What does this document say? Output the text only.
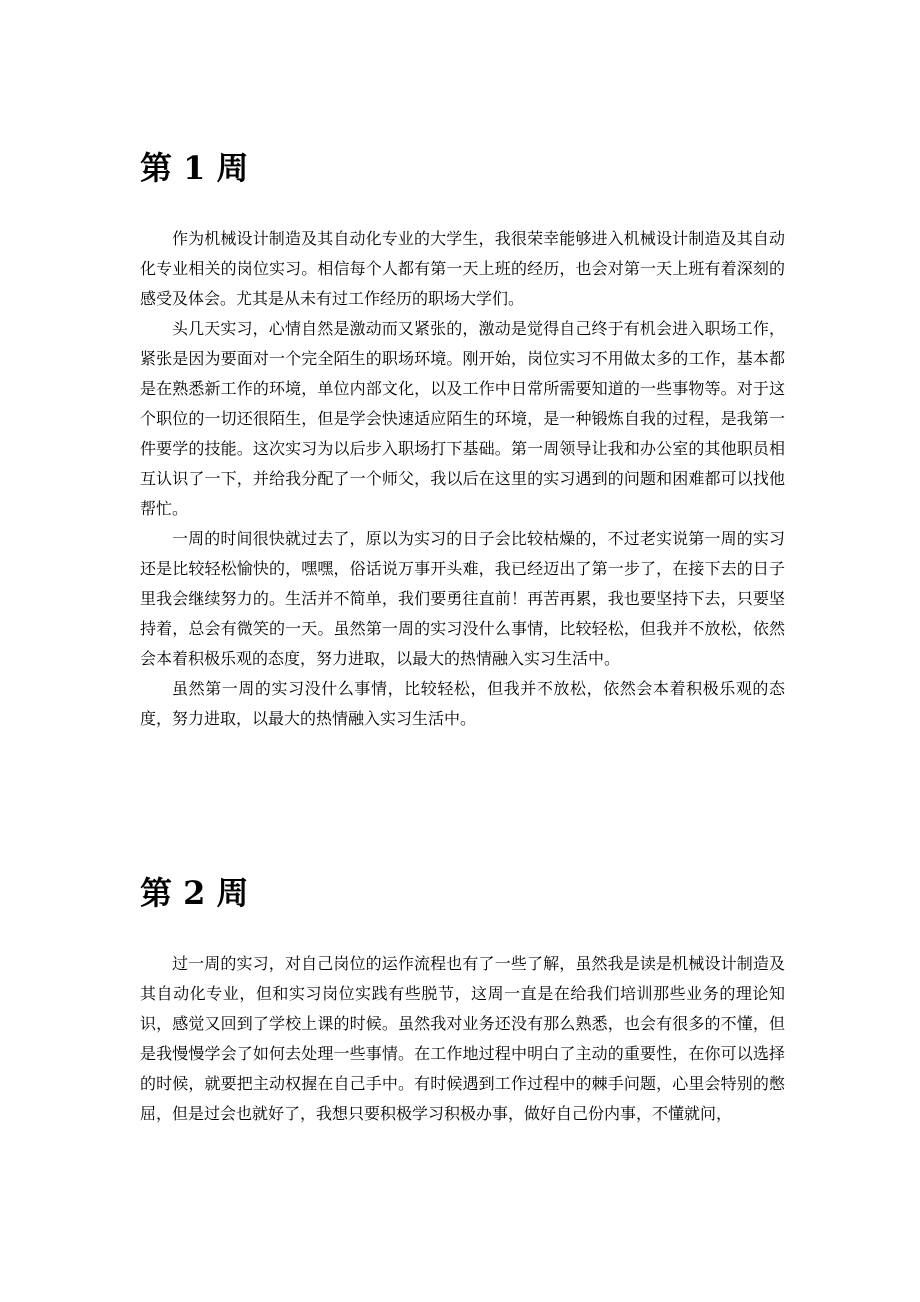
第 1 周

作为机械设计制造及其自动化专业的大学生，我很荣幸能够进入机械设计制造及其自动化专业相关的岗位实习。相信每个人都有第一天上班的经历，也会对第一天上班有着深刻的感受及体会。尤其是从未有过工作经历的职场大学们。

头几天实习，心情自然是激动而又紧张的，激动是觉得自己终于有机会进入职场工作，紧张是因为要面对一个完全陌生的职场环境。刚开始，岗位实习不用做太多的工作，基本都是在熟悉新工作的环境，单位内部文化，以及工作中日常所需要知道的一些事物等。对于这个职位的一切还很陌生，但是学会快速适应陌生的环境，是一种锻炼自我的过程，是我第一件要学的技能。这次实习为以后步入职场打下基础。第一周领导让我和办公室的其他职员相互认识了一下，并给我分配了一个师父，我以后在这里的实习遇到的问题和困难都可以找他帮忙。

一周的时间很快就过去了，原以为实习的日子会比较枯燥的，不过老实说第一周的实习还是比较轻松愉快的，嘿嘿，俗话说万事开头难，我已经迈出了第一步了，在接下去的日子里我会继续努力的。生活并不简单，我们要勇往直前！再苦再累，我也要坚持下去，只要坚持着，总会有微笑的一天。虽然第一周的实习没什么事情，比较轻松，但我并不放松，依然会本着积极乐观的态度，努力进取，以最大的热情融入实习生活中。

虽然第一周的实习没什么事情，比较轻松，但我并不放松，依然会本着积极乐观的态度，努力进取，以最大的热情融入实习生活中。

第 2 周

过一周的实习，对自己岗位的运作流程也有了一些了解，虽然我是读是机械设计制造及其自动化专业，但和实习岗位实践有些脱节，这周一直是在给我们培训那些业务的理论知识，感觉又回到了学校上课的时候。虽然我对业务还没有那么熟悉，也会有很多的不懂，但是我慢慢学会了如何去处理一些事情。在工作地过程中明白了主动的重要性，在你可以选择的时候，就要把主动权握在自己手中。有时候遇到工作过程中的棘手问题，心里会特别的憋屈，但是过会也就好了，我想只要积极学习积极办事，做好自己份内事，不懂就问，
